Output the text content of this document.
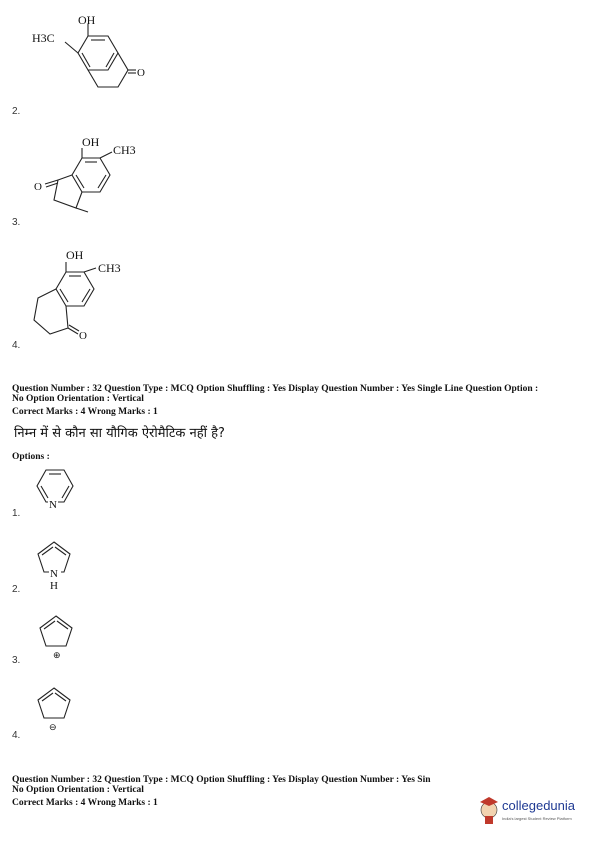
OH
H3C
O
2.
OH
CH3
O
3.
OH
CH3
O
4.
Question Number : 32 Question Type : MCQ Option Shuffling : Yes Display Question Number : Yes Single Line Question Option :
No Option Orientation : Vertical
Correct Marks : 4 Wrong Marks : 1
निम्न में से कौन सा यौगिक ऐरोमैटिक नहीं है?
Options :
N
1.
N
H
2.
⊕
3.
⊖
4.
Question Number : 32 Question Type : MCQ Option Shuffling : Yes Display Question Number : Yes Sin
No Option Orientation : Vertical
Correct Marks : 4 Wrong Marks : 1	collegedunia
India's largest Student Review Platform
